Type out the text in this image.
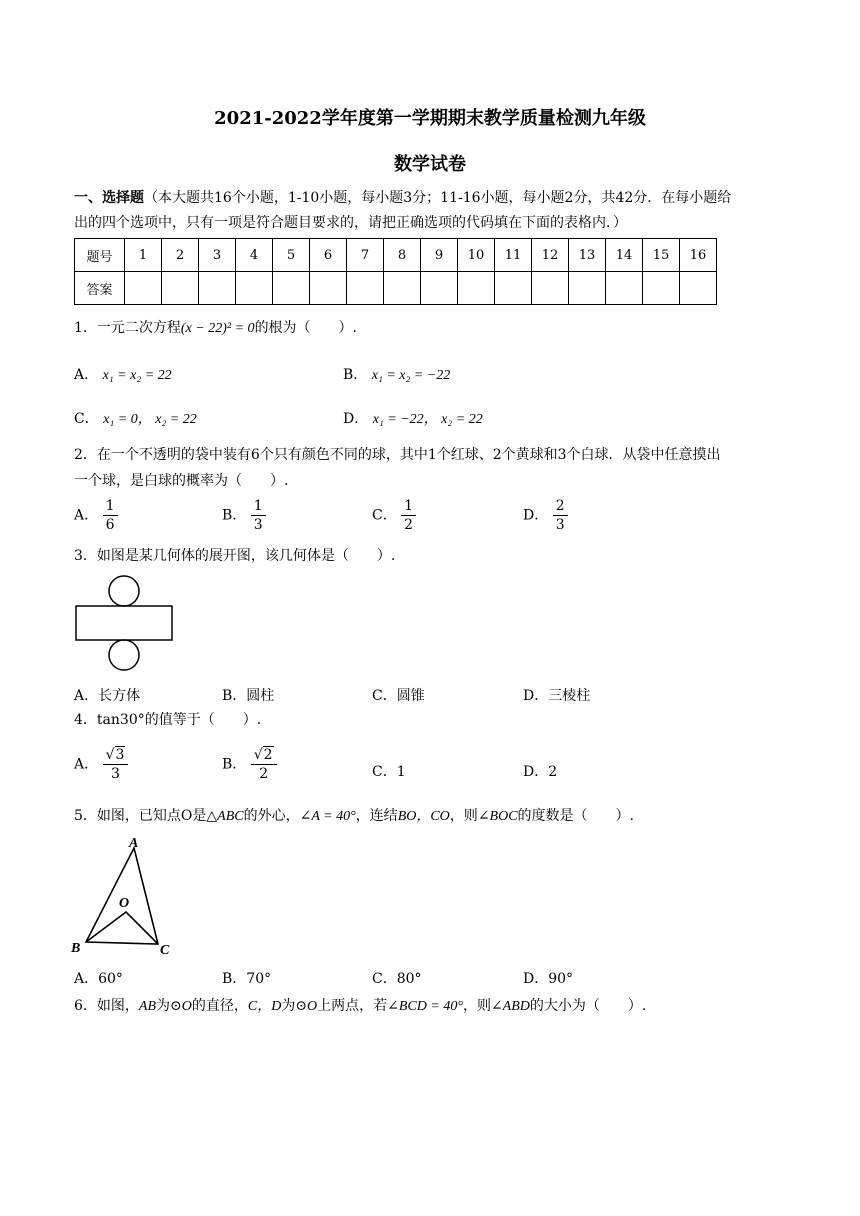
2021-2022学年度第一学期期末教学质量检测九年级
数学试卷
一、选择题（本大题共16个小题，1-10小题，每小题3分；11-16小题，每小题2分，共42分．在每小题给
出的四个选项中，只有一项是符合题目要求的，请把正确选项的代码填在下面的表格内．）
题号	1	2	3	4	5	6	7	8	9	10	11	12	13	14	15	16
答案																
1．一元二次方程(x − 22)² = 0的根为（　　）.
A． x₁ = x₂ = 22	B． x₁ = x₂ = −22
C． x₁ = 0， x₂ = 22	D． x₁ = −22， x₂ = 22
2．在一个不透明的袋中装有6个只有颜色不同的球，其中1个红球、2个黄球和3个白球．从袋中任意摸出
一个球，是白球的概率为（　　）.
A． $\frac{1}{6}$	B． $\frac{1}{3}$	C． $\frac{1}{2}$	D． $\frac{2}{3}$
3．如图是某几何体的展开图，该几何体是（　　）.
A．长方体	B．圆柱	C．圆锥	D．三棱柱
4．tan30°的值等于（　　）.
A． $\frac{√3}{3}$	B． $\frac{√2}{2}$	C．1	D．2
5．如图，已知点O是△ABC的外心，∠A = 40°，连结BO，CO，则∠BOC的度数是（　　）.
A
B	C
O
A．60°	B．70°	C．80°	D．90°
6．如图，AB为⊙O的直径，C，D为⊙O上两点，若∠BCD = 40°，则∠ABD的大小为（　　）.
